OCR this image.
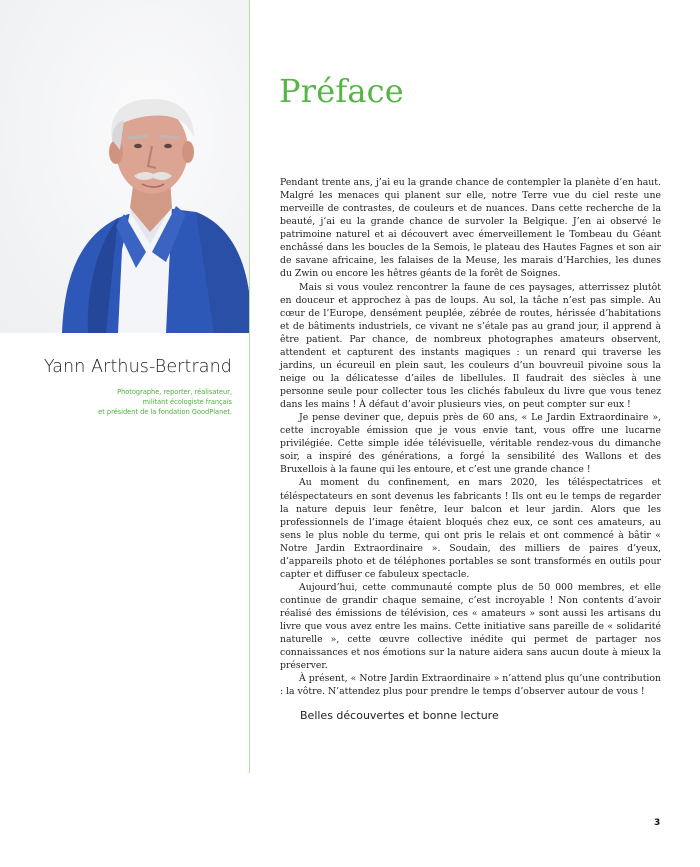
Yann Arthus-Bertrand
Photographe, reporter, réalisateur,
militant écologiste français
et président de la fondation GoodPlanet.
Préface

Pendant trente ans, j’ai eu la grande chance de contempler la planète d’en haut. Malgré les menaces qui planent sur elle, notre Terre vue du ciel reste une merveille de contrastes, de couleurs et de nuances. Dans cette recherche de la beauté, j’ai eu la grande chance de survoler la Belgique. J’en ai observé le patrimoine naturel et ai découvert avec émerveillement le Tombeau du Géant enchâssé dans les boucles de la Semois, le plateau des Hautes Fagnes et son air de savane africaine, les falaises de la Meuse, les marais d’Harchies, les dunes du Zwin ou encore les hêtres géants de la forêt de Soignes.

Mais si vous voulez rencontrer la faune de ces paysages, atterrissez plutôt en douceur et approchez à pas de loups. Au sol, la tâche n’est pas simple. Au cœur de l’Europe, densément peuplée, zébrée de routes, hérissée d’habitations et de bâtiments industriels, ce vivant ne s’étale pas au grand jour, il apprend à être patient. Par chance, de nombreux photographes amateurs observent, attendent et capturent des instants magiques : un renard qui traverse les jardins, un écureuil en plein saut, les couleurs d’un bouvreuil pivoine sous la neige ou la délicatesse d’ailes de libellules. Il faudrait des siècles à une personne seule pour collecter tous les clichés fabuleux du livre que vous tenez dans les mains ! À défaut d’avoir plusieurs vies, on peut compter sur eux !

Je pense deviner que, depuis près de 60 ans, « Le Jardin Extraordinaire », cette incroyable émission que je vous envie tant, vous offre une lucarne privilégiée. Cette simple idée télévisuelle, véritable rendez-vous du dimanche soir, a inspiré des générations, a forgé la sensibilité des Wallons et des Bruxellois à la faune qui les entoure, et c’est une grande chance !

Au moment du confinement, en mars 2020, les téléspectatrices et téléspectateurs en sont devenus les fabricants ! Ils ont eu le temps de regarder la nature depuis leur fenêtre, leur balcon et leur jardin. Alors que les professionnels de l’image étaient bloqués chez eux, ce sont ces amateurs, au sens le plus noble du terme, qui ont pris le relais et ont commencé à bâtir « Notre Jardin Extraordinaire ». Soudain, des milliers de paires d’yeux, d’appareils photo et de téléphones portables se sont transformés en outils pour capter et diffuser ce fabuleux spectacle.

Aujourd’hui, cette communauté compte plus de 50 000 membres, et elle continue de grandir chaque semaine, c’est incroyable ! Non contents d’avoir réalisé des émissions de télévision, ces « amateurs » sont aussi les artisans du livre que vous avez entre les mains. Cette initiative sans pareille de « solidarité naturelle », cette œuvre collective inédite qui permet de partager nos connaissances et nos émotions sur la nature aidera sans aucun doute à mieux la préserver.

À présent, « Notre Jardin Extraordinaire » n’attend plus qu’une contribution : la vôtre. N’attendez plus pour prendre le temps d’observer autour de vous !

Belles découvertes et bonne lecture
3
